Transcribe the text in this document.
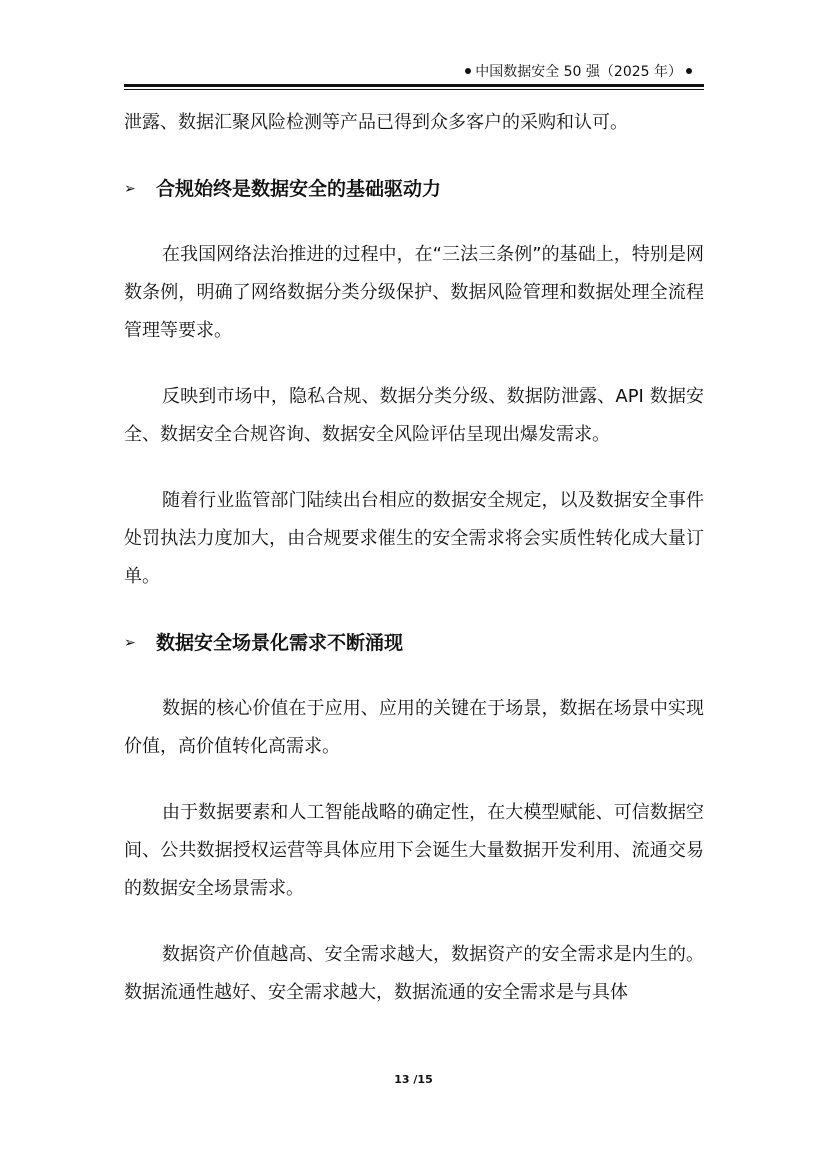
中国数据安全 50 强（2025 年）

泄露、数据汇聚风险检测等产品已得到众多客户的采购和认可。

➢	合规始终是数据安全的基础驱动力

在我国网络法治推进的过程中，在“三法三条例”的基础上，特别是网数条例，明确了网络数据分类分级保护、数据风险管理和数据处理全流程管理等要求。

反映到市场中，隐私合规、数据分类分级、数据防泄露、API 数据安全、数据安全合规咨询、数据安全风险评估呈现出爆发需求。

随着行业监管部门陆续出台相应的数据安全规定，以及数据安全事件处罚执法力度加大，由合规要求催生的安全需求将会实质性转化成大量订单。

➢	数据安全场景化需求不断涌现

数据的核心价值在于应用、应用的关键在于场景，数据在场景中实现价值，高价值转化高需求。

由于数据要素和人工智能战略的确定性，在大模型赋能、可信数据空间、公共数据授权运营等具体应用下会诞生大量数据开发利用、流通交易的数据安全场景需求。

数据资产价值越高、安全需求越大，数据资产的安全需求是内生的。数据流通性越好、安全需求越大，数据流通的安全需求是与具体

13 /15
